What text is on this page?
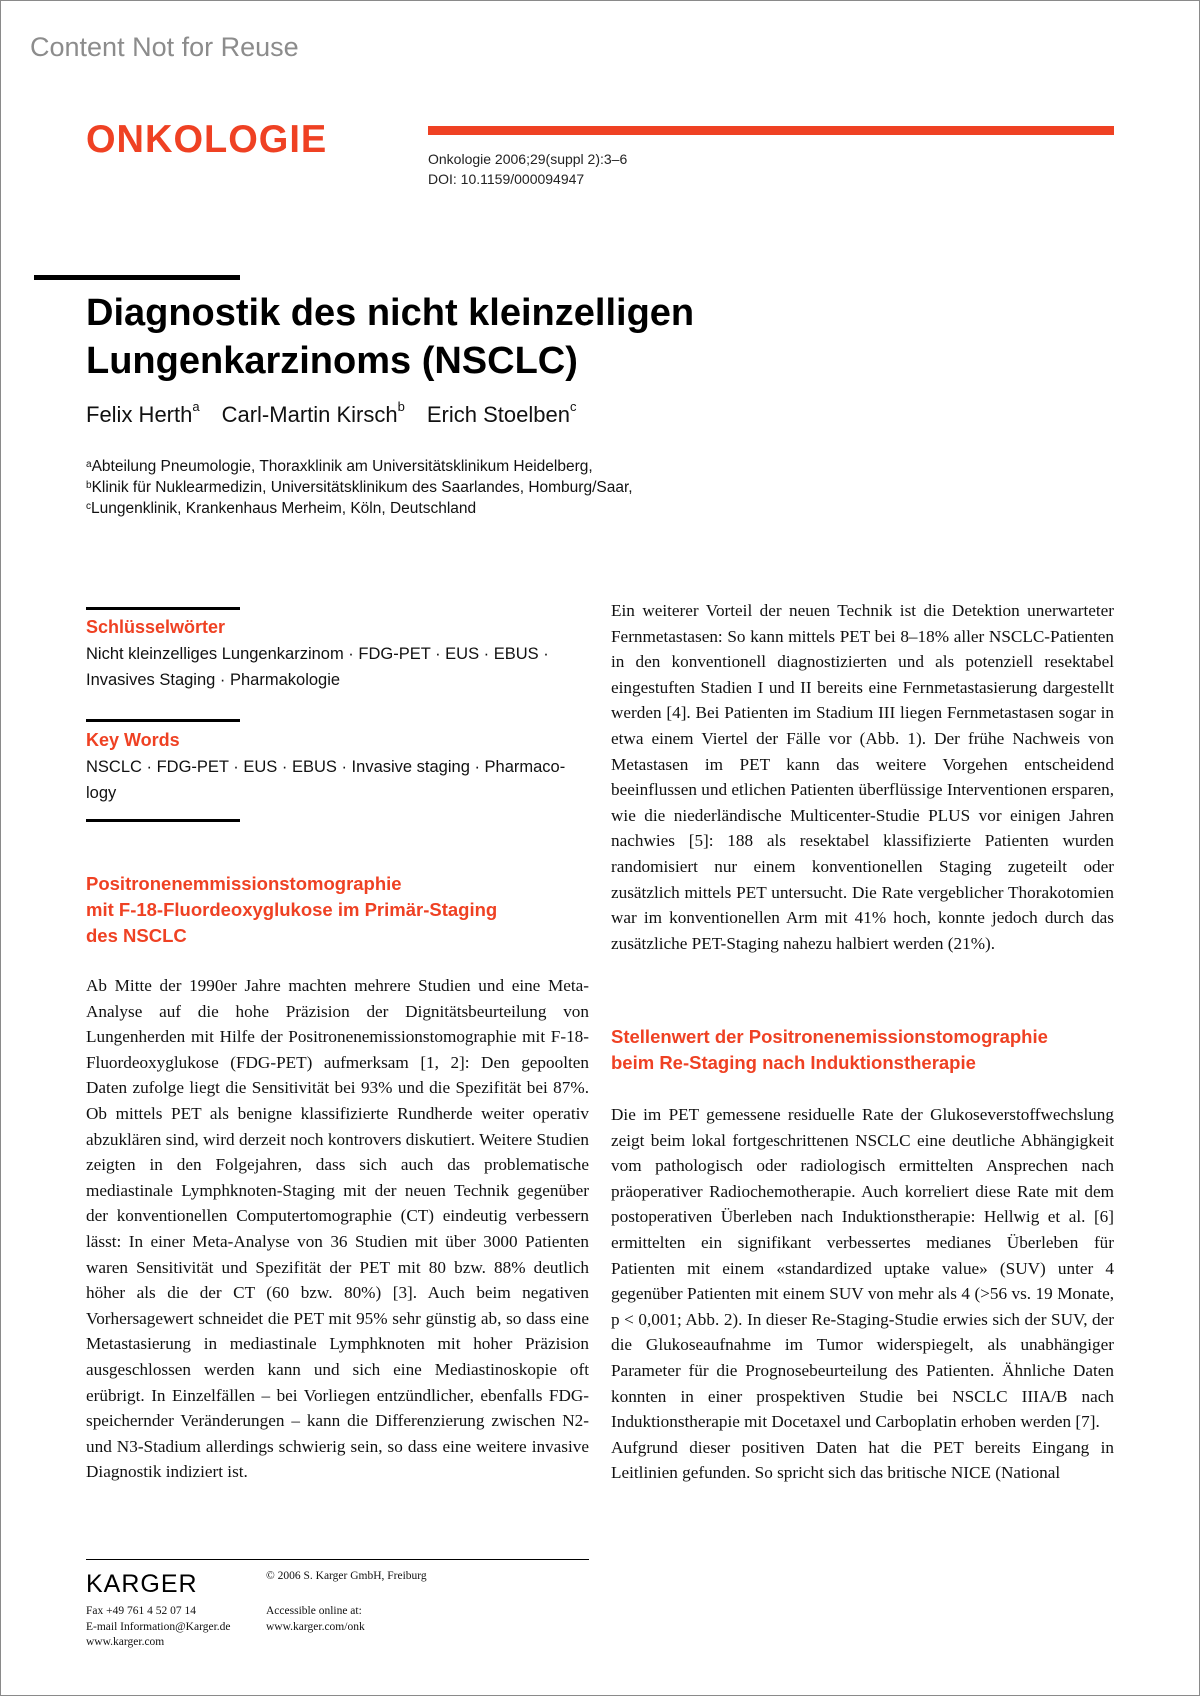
Content Not for Reuse
ONKOLOGIE	Onkologie 2006;29(suppl 2):3–6
DOI: 10.1159/000094947
Diagnostik des nicht kleinzelligen
Lungenkarzinoms (NSCLC)
Felix Herth$^a$ Carl-Martin Kirsch$^b$ Erich Stoelben$^c$
$^a$Abteilung Pneumologie, Thoraxklinik am Universitätsklinikum Heidelberg,
$^b$Klinik für Nuklearmedizin, Universitätsklinikum des Saarlandes, Homburg/Saar,
$^c$Lungenklinik, Krankenhaus Merheim, Köln, Deutschland
Schlüsselwörter
Nicht kleinzelliges Lungenkarzinom · FDG-PET · EUS · EBUS ·
Invasives Staging · Pharmakologie
Key Words
NSCLC · FDG-PET · EUS · EBUS · Invasive staging · Pharmaco-
logy
Positronenemmissionstomographie
mit F-18-Fluordeoxyglukose im Primär-Staging
des NSCLC

Ab Mitte der 1990er Jahre machten mehrere Studien und eine Meta-Analyse auf die hohe Präzision der Dignitätsbeurteilung von Lungenherden mit Hilfe der Positronenemissionstomographie mit F-18-Fluordeoxyglukose (FDG-PET) aufmerksam [1, 2]: Den gepoolten Daten zufolge liegt die Sensitivität bei 93% und die Spezifität bei 87%. Ob mittels PET als benigne klassifizierte Rundherde weiter operativ abzuklären sind, wird derzeit noch kontrovers diskutiert. Weitere Studien zeigten in den Folgejahren, dass sich auch das problematische mediastinale Lymphknoten-Staging mit der neuen Technik gegenüber der konventionellen Computertomographie (CT) eindeutig verbessern lässt: In einer Meta-Analyse von 36 Studien mit über 3000 Patienten waren Sensitivität und Spezifität der PET mit 80 bzw. 88% deutlich höher als die der CT (60 bzw. 80%) [3]. Auch beim negativen Vorhersagewert schneidet die PET mit 95% sehr günstig ab, so dass eine Metastasierung in mediastinale Lymphknoten mit hoher Präzision ausgeschlossen werden kann und sich eine Mediastinoskopie oft erübrigt. In Einzelfällen – bei Vorliegen entzündlicher, ebenfalls FDG-speichernder Veränderungen – kann die Differenzierung zwischen N2- und N3-Stadium allerdings schwierig sein, so dass eine weitere invasive Diagnostik indiziert ist.

Ein weiterer Vorteil der neuen Technik ist die Detektion unerwarteter Fernmetastasen: So kann mittels PET bei 8–18% aller NSCLC-Patienten in den konventionell diagnostizierten und als potenziell resektabel eingestuften Stadien I und II bereits eine Fernmetastasierung dargestellt werden [4]. Bei Patienten im Stadium III liegen Fernmetastasen sogar in etwa einem Viertel der Fälle vor (Abb. 1). Der frühe Nachweis von Metastasen im PET kann das weitere Vorgehen entscheidend beeinflussen und etlichen Patienten überflüssige Interventionen ersparen, wie die niederländische Multicenter-Studie PLUS vor einigen Jahren nachwies [5]: 188 als resektabel klassifizierte Patienten wurden randomisiert nur einem konventionellen Staging zugeteilt oder zusätzlich mittels PET untersucht. Die Rate vergeblicher Thorakotomien war im konventionellen Arm mit 41% hoch, konnte jedoch durch das zusätzliche PET-Staging nahezu halbiert werden (21%).

Stellenwert der Positronenemissionstomographie
beim Re-Staging nach Induktionstherapie

Die im PET gemessene residuelle Rate der Glukoseverstoffwechslung zeigt beim lokal fortgeschrittenen NSCLC eine deutliche Abhängigkeit vom pathologisch oder radiologisch ermittelten Ansprechen nach präoperativer Radiochemotherapie. Auch korreliert diese Rate mit dem postoperativen Überleben nach Induktionstherapie: Hellwig et al. [6] ermittelten ein signifikant verbessertes medianes Überleben für Patienten mit einem «standardized uptake value» (SUV) unter 4 gegenüber Patienten mit einem SUV von mehr als 4 (>56 vs. 19 Monate, p < 0,001; Abb. 2). In dieser Re-Staging-Studie erwies sich der SUV, der die Glukoseaufnahme im Tumor widerspiegelt, als unabhängiger Parameter für die Prognosebeurteilung des Patienten. Ähnliche Daten konnten in einer prospektiven Studie bei NSCLC IIIA/B nach Induktionstherapie mit Docetaxel und Carboplatin erhoben werden [7].

Aufgrund dieser positiven Daten hat die PET bereits Eingang in Leitlinien gefunden. So spricht sich das britische NICE (National

KARGER	© 2006 S. Karger GmbH, Freiburg
Fax +49 761 4 52 07 14
E-mail Information@Karger.de
www.karger.com
Accessible online at:
www.karger.com/onk
